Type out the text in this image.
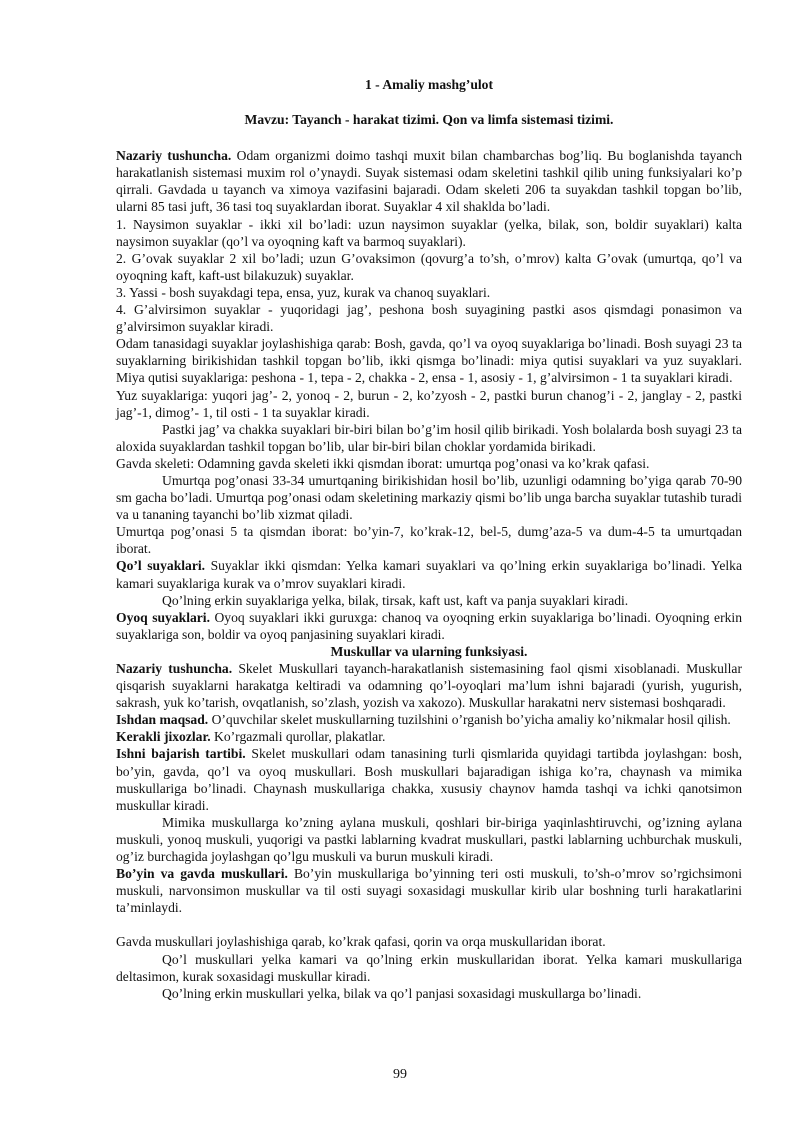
1 - Amaliy mashg’ulot

Mavzu: Tayanch - harakat tizimi. Qon va limfa sistemasi tizimi.

Nazariy tushuncha. Odam organizmi doimo tashqi muxit bilan chambarchas bog’liq. Bu boglanishda tayanch harakatlanish sistemasi muxim rol o’ynaydi. Suyak sistemasi odam skeletini tashkil qilib uning funksiyalari ko’p qirrali. Gavdada u tayanch va ximoya vazifasini bajaradi. Odam skeleti 206 ta suyakdan tashkil topgan bo’lib, ularni 85 tasi juft, 36 tasi toq suyaklardan iborat. Suyaklar 4 xil shaklda bo’ladi.

1. Naysimon suyaklar - ikki xil bo’ladi: uzun naysimon suyaklar (yelka, bilak, son, boldir suyaklari) kalta naysimon suyaklar (qo’l va oyoqning kaft va barmoq suyaklari).

2. G’ovak suyaklar 2 xil bo’ladi; uzun G’ovaksimon (qovurg’a to’sh, o’mrov) kalta G’ovak (umurtqa, qo’l va oyoqning kaft, kaft-ust bilakuzuk) suyaklar.

3. Yassi - bosh suyakdagi tepa, ensa, yuz, kurak va chanoq suyaklari.

4. G’alvirsimon suyaklar - yuqoridagi jag’, peshona bosh suyagining pastki asos qismdagi ponasimon va g’alvirsimon suyaklar kiradi.

Odam tanasidagi suyaklar joylashishiga qarab: Bosh, gavda, qo’l va oyoq suyaklariga bo’linadi. Bosh suyagi 23 ta suyaklarning birikishidan tashkil topgan bo’lib, ikki qismga bo’linadi: miya qutisi suyaklari va yuz suyaklari. Miya qutisi suyaklariga: peshona - 1, tepa - 2, chakka - 2, ensa - 1, asosiy - 1, g’alvirsimon - 1 ta suyaklari kiradi.

Yuz suyaklariga: yuqori jag’- 2, yonoq - 2, burun - 2, ko’zyosh - 2, pastki burun chanog’i - 2, janglay - 2, pastki jag’-1, dimog’- 1, til osti - 1 ta suyaklar kiradi.

Pastki jag’ va chakka suyaklari bir-biri bilan bo’g’im hosil qilib birikadi. Yosh bolalarda bosh suyagi 23 ta aloxida suyaklardan tashkil topgan bo’lib, ular bir-biri bilan choklar yordamida birikadi.

Gavda skeleti: Odamning gavda skeleti ikki qismdan iborat: umurtqa pog’onasi va ko’krak qafasi.

Umurtqa pog’onasi 33-34 umurtqaning birikishidan hosil bo’lib, uzunligi odamning bo’yiga qarab 70-90 sm gacha bo’ladi. Umurtqa pog’onasi odam skeletining markaziy qismi bo’lib unga barcha suyaklar tutashib turadi va u tananing tayanchi bo’lib xizmat qiladi.

Umurtqa pog’onasi 5 ta qismdan iborat: bo’yin-7, ko’krak-12, bel-5, dumg’aza-5 va dum-4-5 ta umurtqadan iborat.

Qo’l suyaklari. Suyaklar ikki qismdan: Yelka kamari suyaklari va qo’lning erkin suyaklariga bo’linadi. Yelka kamari suyaklariga kurak va o’mrov suyaklari kiradi.

Qo’lning erkin suyaklariga yelka, bilak, tirsak, kaft ust, kaft va panja suyaklari kiradi.

Oyoq suyaklari. Oyoq suyaklari ikki guruxga: chanoq va oyoqning erkin suyaklariga bo’linadi. Oyoqning erkin suyaklariga son, boldir va oyoq panjasining suyaklari kiradi.

Muskullar va ularning funksiyasi.

Nazariy tushuncha. Skelet Muskullari tayanch-harakatlanish sistemasining faol qismi xisoblanadi. Muskullar qisqarish suyaklarni harakatga keltiradi va odamning qo’l-oyoqlari ma’lum ishni bajaradi (yurish, yugurish, sakrash, yuk ko’tarish, ovqatlanish, so’zlash, yozish va xakozo). Muskullar harakatni nerv sistemasi boshqaradi.

Ishdan maqsad. O’quvchilar skelet muskullarning tuzilshini o’rganish bo’yicha amaliy ko’nikmalar hosil qilish.

Kerakli jixozlar. Ko’rgazmali qurollar, plakatlar.

Ishni bajarish tartibi. Skelet muskullari odam tanasining turli qismlarida quyidagi tartibda joylashgan: bosh, bo’yin, gavda, qo’l va oyoq muskullari. Bosh muskullari bajaradigan ishiga ko’ra, chaynash va mimika muskullariga bo’linadi. Chaynash muskullariga chakka, xususiy chaynov hamda tashqi va ichki qanotsimon muskullar kiradi.

Mimika muskullarga ko’zning aylana muskuli, qoshlari bir-biriga yaqinlashtiruvchi, og’izning aylana muskuli, yonoq muskuli, yuqorigi va pastki lablarning kvadrat muskullari, pastki lablarning uchburchak muskuli, og’iz burchagida joylashgan qo’lgu muskuli va burun muskuli kiradi.

Bo’yin va gavda muskullari. Bo’yin muskullariga bo’yinning teri osti muskuli, to’sh-o’mrov so’rgichsimoni muskuli, narvonsimon muskullar va til osti suyagi soxasidagi muskullar kirib ular boshning turli harakatlarini ta’minlaydi.

Gavda muskullari joylashishiga qarab, ko’krak qafasi, qorin va orqa muskullaridan iborat.

Qo’l muskullari yelka kamari va qo’lning erkin muskullaridan iborat. Yelka kamari muskullariga deltasimon, kurak soxasidagi muskullar kiradi.

Qo’lning erkin muskullari yelka, bilak va qo’l panjasi soxasidagi muskullarga bo’linadi.

99
